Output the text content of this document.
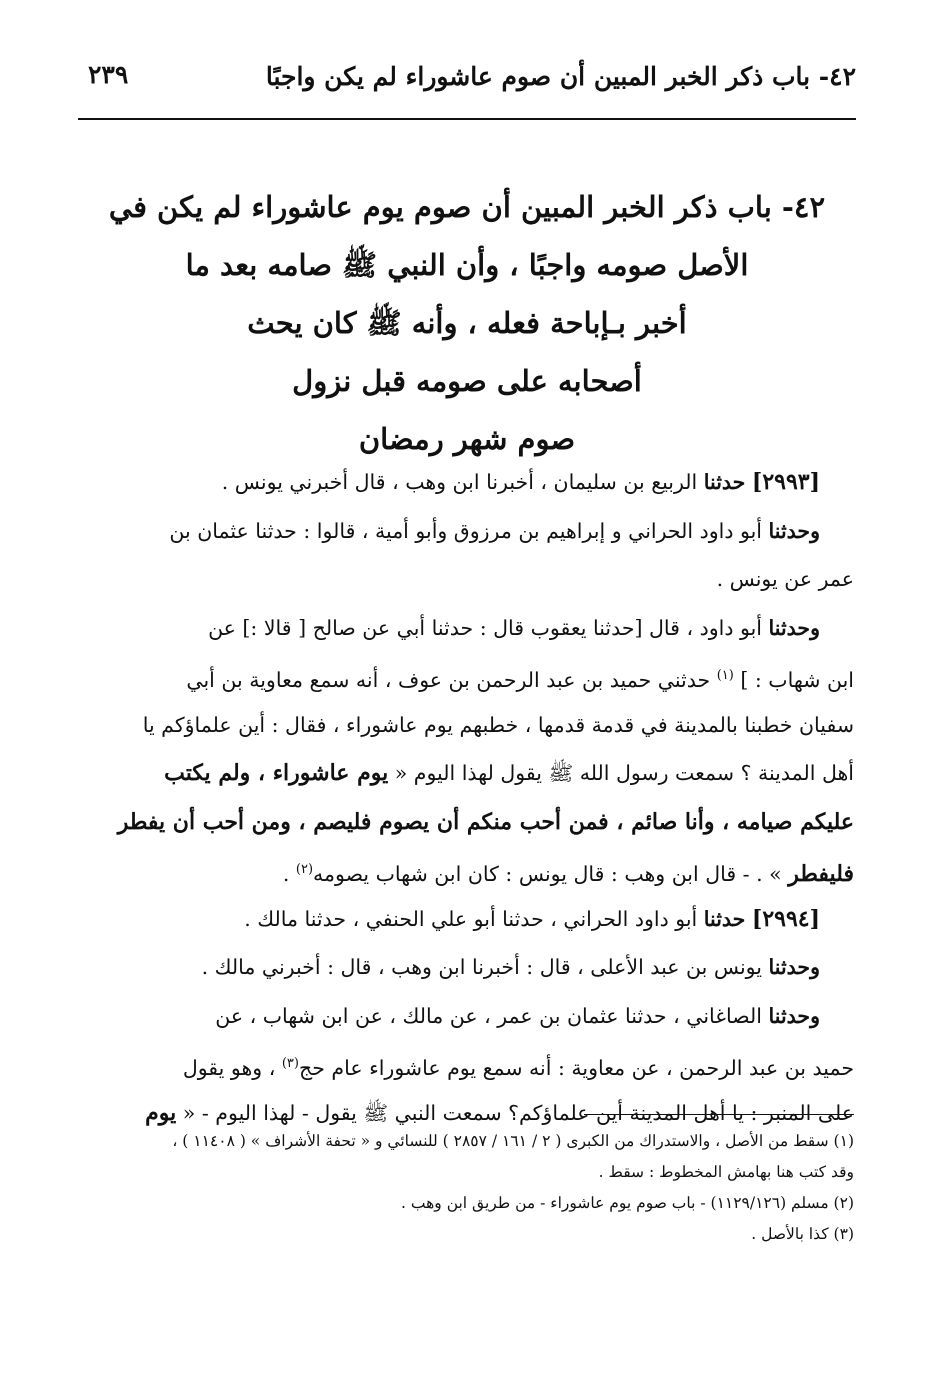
٤٢- باب ذكر الخبر المبين أن صوم عاشوراء لم يكن واجبًا
٢٣٩
٤٢- باب ذكر الخبر المبين أن صوم يوم عاشوراء لم يكن في
الأصل صومه واجبًا ، وأن النبي ﷺ صامه بعد ما
أخبر بـإباحة فعله ، وأنه ﷺ كان يحث
أصحابه على صومه قبل نزول
صوم شهر رمضان
[٢٩٩٣] حدثنا الربيع بن سليمان ، أخبرنا ابن وهب ، قال أخبرني يونس .
وحدثنا أبو داود الحراني و إبراهيم بن مرزوق وأبو أمية ، قالوا : حدثنا عثمان بن
عمر عن يونس .
وحدثنا أبو داود ، قال [حدثنا يعقوب قال : حدثنا أبي عن صالح [ قالا :] عن
ابن شهاب : ] $^{(١)}$ حدثني حميد بن عبد الرحمن بن عوف ، أنه سمع معاوية بن أبي
سفيان خطبنا بالمدينة في قدمة قدمها ، خطبهم يوم عاشوراء ، فقال : أين علماؤكم يا
أهل المدينة ؟ سمعت رسول الله ﷺ يقول لهذا اليوم « يوم عاشوراء ، ولم يكتب
عليكم صيامه ، وأنا صائم ، فمن أحب منكم أن يصوم فليصم ، ومن أحب أن يفطر
فليفطر » . - قال ابن وهب : قال يونس : كان ابن شهاب يصومه$^{(٢)}$ .
[٢٩٩٤] حدثنا أبو داود الحراني ، حدثنا أبو علي الحنفي ، حدثنا مالك .
وحدثنا يونس بن عبد الأعلى ، قال : أخبرنا ابن وهب ، قال : أخبرني مالك .
وحدثنا الصاغاني ، حدثنا عثمان بن عمر ، عن مالك ، عن ابن شهاب ، عن
حميد بن عبد الرحمن ، عن معاوية : أنه سمع يوم عاشوراء عام حج$^{(٣)}$ ، وهو يقول
على المنبر : يا أهل المدينة أين علماؤكم؟ سمعت النبي ﷺ يقول - لهذا اليوم - « يوم
(١) سقط من الأصل ، والاستدراك من الكبرى ( ٢ / ١٦١ / ٢٨٥٧ ) للنسائي و « تحفة الأشراف » ( ١١٤٠٨ ) ،
وقد كتب هنا بهامش المخطوط : سقط .
(٢) مسلم (١١٢٩/١٢٦) - باب صوم يوم عاشوراء - من طريق ابن وهب .
(٣) كذا بالأصل .
